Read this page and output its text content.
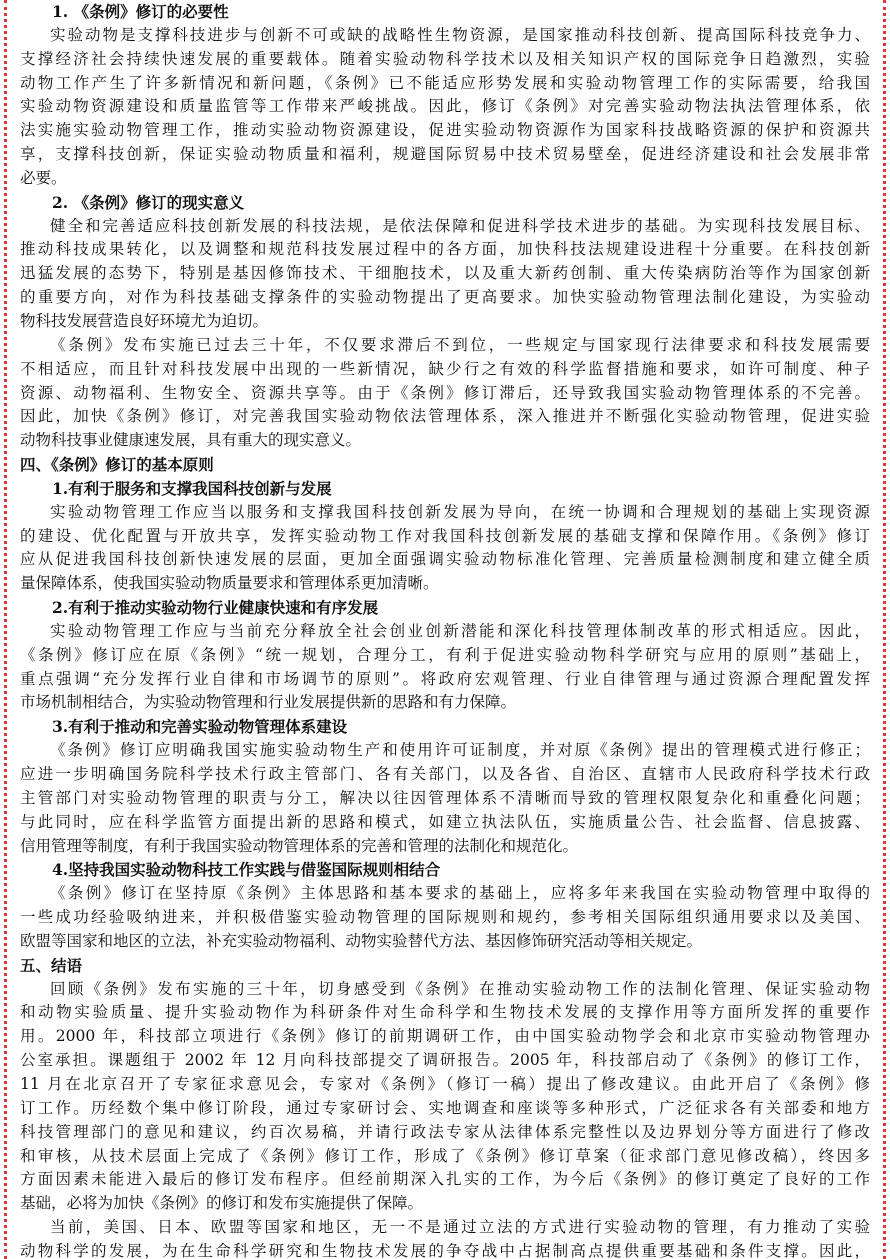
1. 《条例》修订的必要性
实验动物是支撑科技进步与创新不可或缺的战略性生物资源，是国家推动科技创新、提高国际科技竞争力、
支撑经济社会持续快速发展的重要载体。随着实验动物科学技术以及相关知识产权的国际竞争日趋激烈，实验
动物工作产生了许多新情况和新问题，《条例》已不能适应形势发展和实验动物管理工作的实际需要，给我国
实验动物资源建设和质量监管等工作带来严峻挑战。因此，修订《条例》对完善实验动物法执法管理体系，依
法实施实验动物管理工作，推动实验动物资源建设，促进实验动物资源作为国家科技战略资源的保护和资源共
享，支撑科技创新，保证实验动物质量和福利，规避国际贸易中技术贸易壁垒，促进经济建设和社会发展非常
必要。
2. 《条例》修订的现实意义
健全和完善适应科技创新发展的科技法规，是依法保障和促进科学技术进步的基础。为实现科技发展目标、
推动科技成果转化，以及调整和规范科技发展过程中的各方面，加快科技法规建设进程十分重要。在科技创新
迅猛发展的态势下，特别是基因修饰技术、干细胞技术，以及重大新药创制、重大传染病防治等作为国家创新
的重要方向，对作为科技基础支撑条件的实验动物提出了更高要求。加快实验动物管理法制化建设，为实验动
物科技发展营造良好环境尤为迫切。
《条例》发布实施已过去三十年，不仅要求滞后不到位，一些规定与国家现行法律要求和科技发展需要
不相适应，而且针对科技发展中出现的一些新情况，缺少行之有效的科学监督措施和要求，如许可制度、种子
资源、动物福利、生物安全、资源共享等。由于《条例》修订滞后，还导致我国实验动物管理体系的不完善。
因此，加快《条例》修订，对完善我国实验动物依法管理体系，深入推进并不断强化实验动物管理，促进实验
动物科技事业健康速发展，具有重大的现实意义。
四、《条例》修订的基本原则
1.有利于服务和支撑我国科技创新与发展
实验动物管理工作应当以服务和支撑我国科技创新发展为导向，在统一协调和合理规划的基础上实现资源
的建设、优化配置与开放共享，发挥实验动物工作对我国科技创新发展的基础支撑和保障作用。《条例》修订
应从促进我国科技创新快速发展的层面，更加全面强调实验动物标准化管理、完善质量检测制度和建立健全质
量保障体系，使我国实验动物质量要求和管理体系更加清晰。
2.有利于推动实验动物行业健康快速和有序发展
实验动物管理工作应与当前充分释放全社会创业创新潜能和深化科技管理体制改革的形式相适应。因此，
《条例》修订应在原《条例》“统一规划，合理分工，有利于促进实验动物科学研究与应用的原则”基础上，
重点强调“充分发挥行业自律和市场调节的原则”。将政府宏观管理、行业自律管理与通过资源合理配置发挥
市场机制相结合，为实验动物管理和行业发展提供新的思路和有力保障。
3.有利于推动和完善实验动物管理体系建设
《条例》修订应明确我国实施实验动物生产和使用许可证制度，并对原《条例》提出的管理模式进行修正；
应进一步明确国务院科学技术行政主管部门、各有关部门，以及各省、自治区、直辖市人民政府科学技术行政
主管部门对实验动物管理的职责与分工，解决以往因管理体系不清晰而导致的管理权限复杂化和重叠化问题；
与此同时，应在科学监管方面提出新的思路和模式，如建立执法队伍，实施质量公告、社会监督、信息披露、
信用管理等制度，有利于我国实验动物管理体系的完善和管理的法制化和规范化。
4.坚持我国实验动物科技工作实践与借鉴国际规则相结合
《条例》修订在坚持原《条例》主体思路和基本要求的基础上，应将多年来我国在实验动物管理中取得的
一些成功经验吸纳进来，并积极借鉴实验动物管理的国际规则和规约，参考相关国际组织通用要求以及美国、
欧盟等国家和地区的立法，补充实验动物福利、动物实验替代方法、基因修饰研究活动等相关规定。
五、结语
回顾《条例》发布实施的三十年，切身感受到《条例》在推动实验动物工作的法制化管理、保证实验动物
和动物实验质量、提升实验动物作为科研条件对生命科学和生物技术发展的支撑作用等方面所发挥的重要作
用。2000 年，科技部立项进行《条例》修订的前期调研工作，由中国实验动物学会和北京市实验动物管理办
公室承担。课题组于 2002 年 12 月向科技部提交了调研报告。2005 年，科技部启动了《条例》的修订工作，
11 月在北京召开了专家征求意见会，专家对《条例》（修订一稿）提出了修改建议。由此开启了《条例》修
订工作。历经数个集中修订阶段，通过专家研讨会、实地调查和座谈等多种形式，广泛征求各有关部委和地方
科技管理部门的意见和建议，约百次易稿，并请行政法专家从法律体系完整性以及边界划分等方面进行了修改
和审核，从技术层面上完成了《条例》修订工作，形成了《条例》修订草案（征求部门意见修改稿），终因多
方面因素未能进入最后的修订发布程序。但经前期深入扎实的工作，为今后《条例》的修订奠定了良好的工作
基础，必将为加快《条例》的修订和发布实施提供了保障。
当前，美国、日本、欧盟等国家和地区，无一不是通过立法的方式进行实验动物的管理，有力推动了实验
动物科学的发展，为在生命科学研究和生物技术发展的争夺战中占据制高点提供重要基础和条件支撑。因此，
